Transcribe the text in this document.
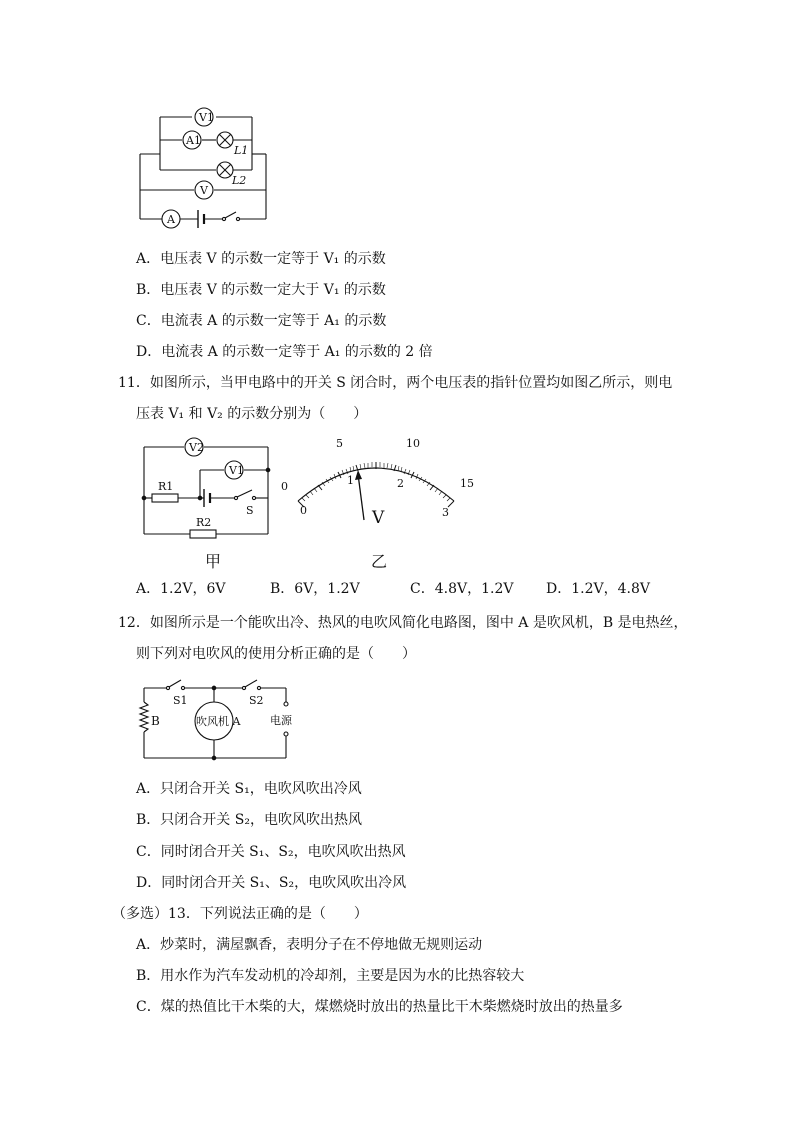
V1
A1
L1
L2
V
A
A．电压表 V 的示数一定等于 V₁ 的示数
B．电压表 V 的示数一定大于 V₁ 的示数
C．电流表 A 的示数一定等于 A₁ 的示数
D．电流表 A 的示数一定等于 A₁ 的示数的 2 倍
11．如图所示，当甲电路中的开关 S 闭合时，两个电压表的指针位置均如图乙所示，则电
压表 V₁ 和 V₂ 的示数分别为（　　）
V2
V1
R1
R2
S
甲
0
5	10
15
0
1	2
3
V
乙
A．1.2V，6V	B．6V，1.2V	C．4.8V，1.2V D．1.2V，4.8V
12．如图所示是一个能吹出冷、热风的电吹风简化电路图，图中 A 是吹风机，B 是电热丝，
则下列对电吹风的使用分析正确的是（　　）
S1	S2
B	吹风机 A	电源
A．只闭合开关 S₁，电吹风吹出冷风
B．只闭合开关 S₂，电吹风吹出热风
C．同时闭合开关 S₁、S₂，电吹风吹出热风
D．同时闭合开关 S₁、S₂，电吹风吹出冷风
（多选）13．下列说法正确的是（　　）
A．炒菜时，满屋飘香，表明分子在不停地做无规则运动
B．用水作为汽车发动机的冷却剂，主要是因为水的比热容较大
C．煤的热值比干木柴的大，煤燃烧时放出的热量比干木柴燃烧时放出的热量多
